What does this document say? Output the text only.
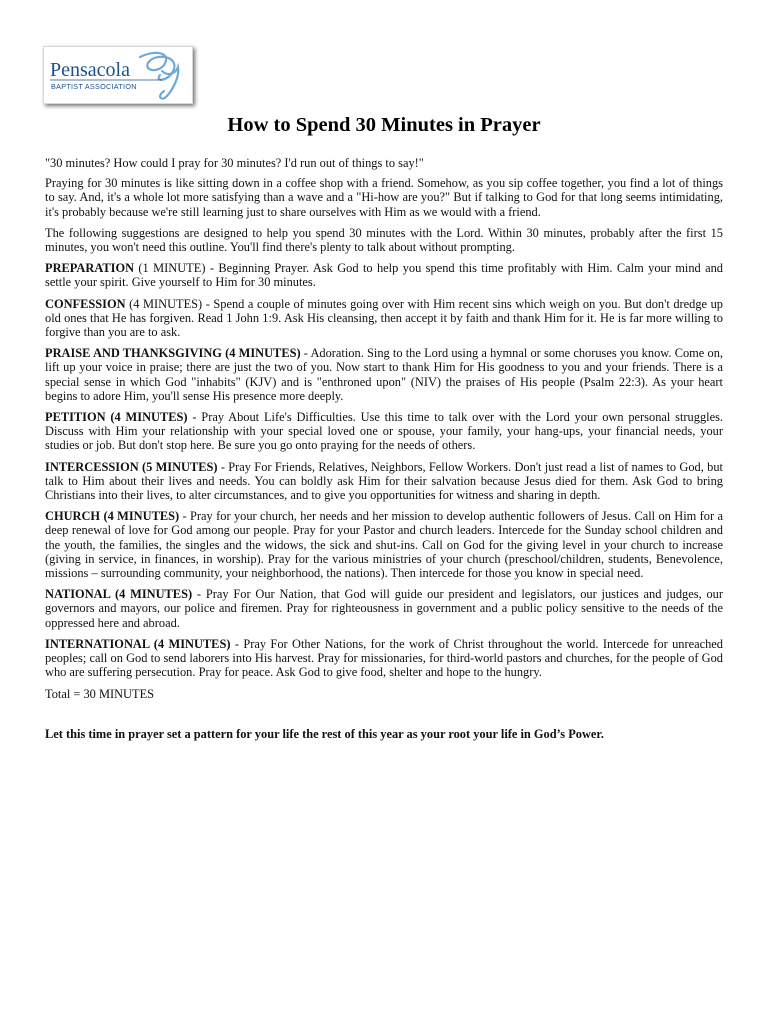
Pensacola
BAPTIST ASSOCIATION
How to Spend 30 Minutes in Prayer

"30 minutes? How could I pray for 30 minutes? I'd run out of things to say!"

Praying for 30 minutes is like sitting down in a coffee shop with a friend. Somehow, as you sip coffee together, you find a lot of things to say. And, it's a whole lot more satisfying than a wave and a "Hi-how are you?" But if talking to God for that long seems intimidating, it's probably because we're still learning just to share ourselves with Him as we would with a friend.

The following suggestions are designed to help you spend 30 minutes with the Lord. Within 30 minutes, probably after the first 15 minutes, you won't need this outline. You'll find there's plenty to talk about without prompting.

PREPARATION (1 MINUTE) - Beginning Prayer. Ask God to help you spend this time profitably with Him. Calm your mind and settle your spirit. Give yourself to Him for 30 minutes.

CONFESSION (4 MINUTES) - Spend a couple of minutes going over with Him recent sins which weigh on you. But don't dredge up old ones that He has forgiven. Read 1 John 1:9. Ask His cleansing, then accept it by faith and thank Him for it. He is far more willing to forgive than you are to ask.

PRAISE AND THANKSGIVING (4 MINUTES) - Adoration. Sing to the Lord using a hymnal or some choruses you know. Come on, lift up your voice in praise; there are just the two of you. Now start to thank Him for His goodness to you and your friends. There is a special sense in which God "inhabits" (KJV) and is "enthroned upon" (NIV) the praises of His people (Psalm 22:3). As your heart begins to adore Him, you'll sense His presence more deeply.

PETITION (4 MINUTES) - Pray About Life's Difficulties. Use this time to talk over with the Lord your own personal struggles. Discuss with Him your relationship with your special loved one or spouse, your family, your hang-ups, your financial needs, your studies or job. But don't stop here. Be sure you go onto praying for the needs of others.

INTERCESSION (5 MINUTES) - Pray For Friends, Relatives, Neighbors, Fellow Workers. Don't just read a list of names to God, but talk to Him about their lives and needs. You can boldly ask Him for their salvation because Jesus died for them. Ask God to bring Christians into their lives, to alter circumstances, and to give you opportunities for witness and sharing in depth.

CHURCH (4 MINUTES) - Pray for your church, her needs and her mission to develop authentic followers of Jesus. Call on Him for a deep renewal of love for God among our people. Pray for your Pastor and church leaders. Intercede for the Sunday school children and the youth, the families, the singles and the widows, the sick and shut-ins. Call on God for the giving level in your church to increase (giving in service, in finances, in worship). Pray for the various ministries of your church (preschool/children, students, Benevolence, missions – surrounding community, your neighborhood, the nations). Then intercede for those you know in special need.

NATIONAL (4 MINUTES) - Pray For Our Nation, that God will guide our president and legislators, our justices and judges, our governors and mayors, our police and firemen. Pray for righteousness in government and a public policy sensitive to the needs of the oppressed here and abroad.

INTERNATIONAL (4 MINUTES) - Pray For Other Nations, for the work of Christ throughout the world. Intercede for unreached peoples; call on God to send laborers into His harvest. Pray for missionaries, for third-world pastors and churches, for the people of God who are suffering persecution. Pray for peace. Ask God to give food, shelter and hope to the hungry.

Total = 30 MINUTES

Let this time in prayer set a pattern for your life the rest of this year as your root your life in God’s Power.
